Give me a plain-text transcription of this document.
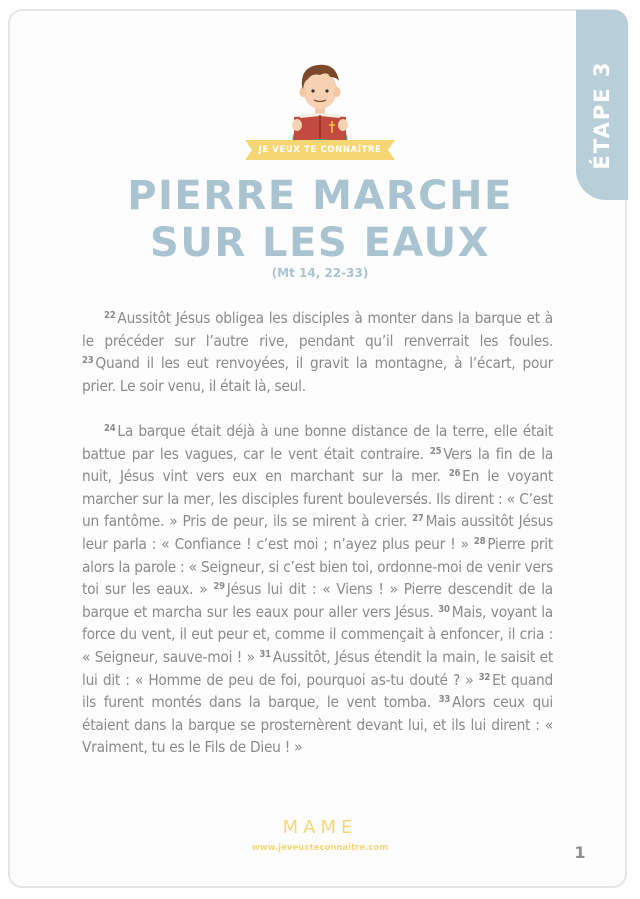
ÉTAPE 3
JE VEUX TE CONNAÎTRE
PIERRE MARCHE
SUR LES EAUX
(Mt 14, 22-33)
$^{22}$ Aussitôt Jésus obligea les disciples à monter dans la barque et à le précéder sur l’autre rive, pendant qu’il renverrait les foules. $^{23}$ Quand il les eut renvoyées, il gravit la montagne, à l’écart, pour prier. Le soir venu, il était là, seul.
$^{24}$ La barque était déjà à une bonne distance de la terre, elle était battue par les vagues, car le vent était contraire. $^{25}$ Vers la fin de la nuit, Jésus vint vers eux en marchant sur la mer. $^{26}$ En le voyant marcher sur la mer, les disciples furent bouleversés. Ils dirent : « C’est un fantôme. » Pris de peur, ils se mirent à crier. $^{27}$ Mais aussitôt Jésus leur parla : « Confiance ! c’est moi ; n’ayez plus peur ! » $^{28}$ Pierre prit alors la parole : « Seigneur, si c’est bien toi, ordonne-moi de venir vers toi sur les eaux. » $^{29}$ Jésus lui dit : « Viens ! » Pierre descendit de la barque et marcha sur les eaux pour aller vers Jésus. $^{30}$ Mais, voyant la force du vent, il eut peur et, comme il commençait à enfoncer, il cria : « Seigneur, sauve-moi ! » $^{31}$ Aussitôt, Jésus étendit la main, le saisit et lui dit : « Homme de peu de foi, pourquoi as-tu douté ? » $^{32}$ Et quand ils furent montés dans la barque, le vent tomba. $^{33}$ Alors ceux qui étaient dans la barque se prosternèrent devant lui, et ils lui dirent : « Vraiment, tu es le Fils de Dieu ! »
MAME
www.jeveuxteconnaitre.com	1
